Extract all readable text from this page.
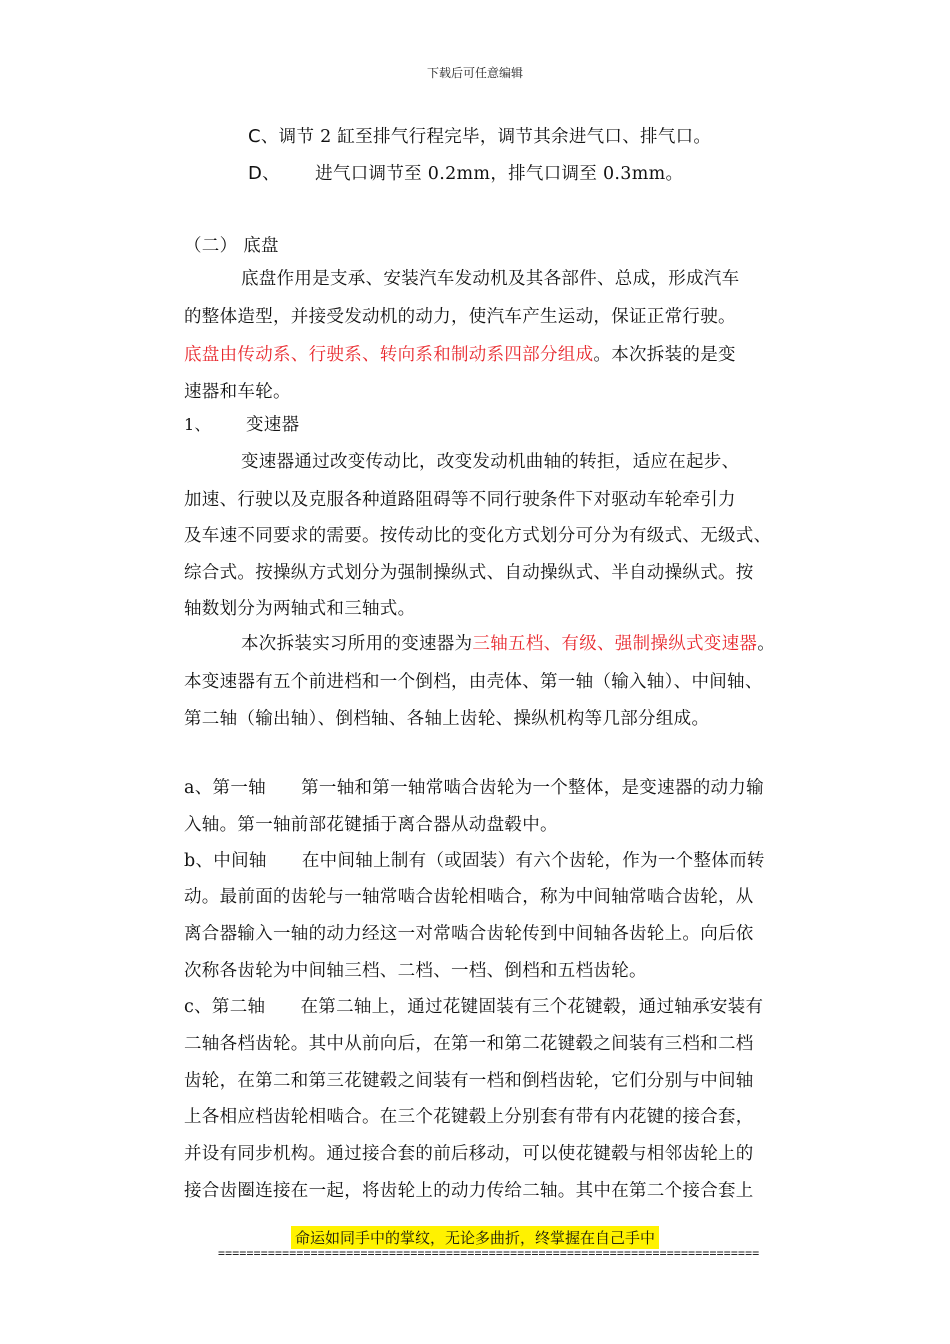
下载后可任意编辑
C、调节 2 缸至排气行程完毕，调节其余进气口、排气口。
D、      进气口调节至 0.2mm，排气口调至 0.3mm。
（二） 底盘
底盘作用是支承、安装汽车发动机及其各部件、总成，形成汽车
的整体造型，并接受发动机的动力，使汽车产生运动，保证正常行驶。
底盘由传动系、行驶系、转向系和制动系四部分组成。本次拆装的是变
速器和车轮。
1、 变速器
变速器通过改变传动比，改变发动机曲轴的转拒，适应在起步、
加速、行驶以及克服各种道路阻碍等不同行驶条件下对驱动车轮牵引力
及车速不同要求的需要。按传动比的变化方式划分可分为有级式、无级式、
综合式。按操纵方式划分为强制操纵式、自动操纵式、半自动操纵式。按
轴数划分为两轴式和三轴式。
本次拆装实习所用的变速器为三轴五档、有级、强制操纵式变速器。
本变速器有五个前进档和一个倒档，由壳体、第一轴（输入轴）、中间轴、
第二轴（输出轴）、倒档轴、各轴上齿轮、操纵机构等几部分组成。
a、第一轴      第一轴和第一轴常啮合齿轮为一个整体，是变速器的动力输
入轴。第一轴前部花键插于离合器从动盘毂中。
b、中间轴      在中间轴上制有（或固装）有六个齿轮，作为一个整体而转
动。最前面的齿轮与一轴常啮合齿轮相啮合，称为中间轴常啮合齿轮，从
离合器输入一轴的动力经这一对常啮合齿轮传到中间轴各齿轮上。向后依
次称各齿轮为中间轴三档、二档、一档、倒档和五档齿轮。
c、第二轴      在第二轴上，通过花键固装有三个花键毂，通过轴承安装有
二轴各档齿轮。其中从前向后，在第一和第二花键毂之间装有三档和二档
齿轮，在第二和第三花键毂之间装有一档和倒档齿轮，它们分别与中间轴
上各相应档齿轮相啮合。在三个花键毂上分别套有带有内花键的接合套，
并设有同步机构。通过接合套的前后移动，可以使花键毂与相邻齿轮上的
接合齿圈连接在一起，将齿轮上的动力传给二轴。其中在第二个接合套上
命运如同手中的掌纹，无论多曲折，终掌握在自己手中
============================================================================
